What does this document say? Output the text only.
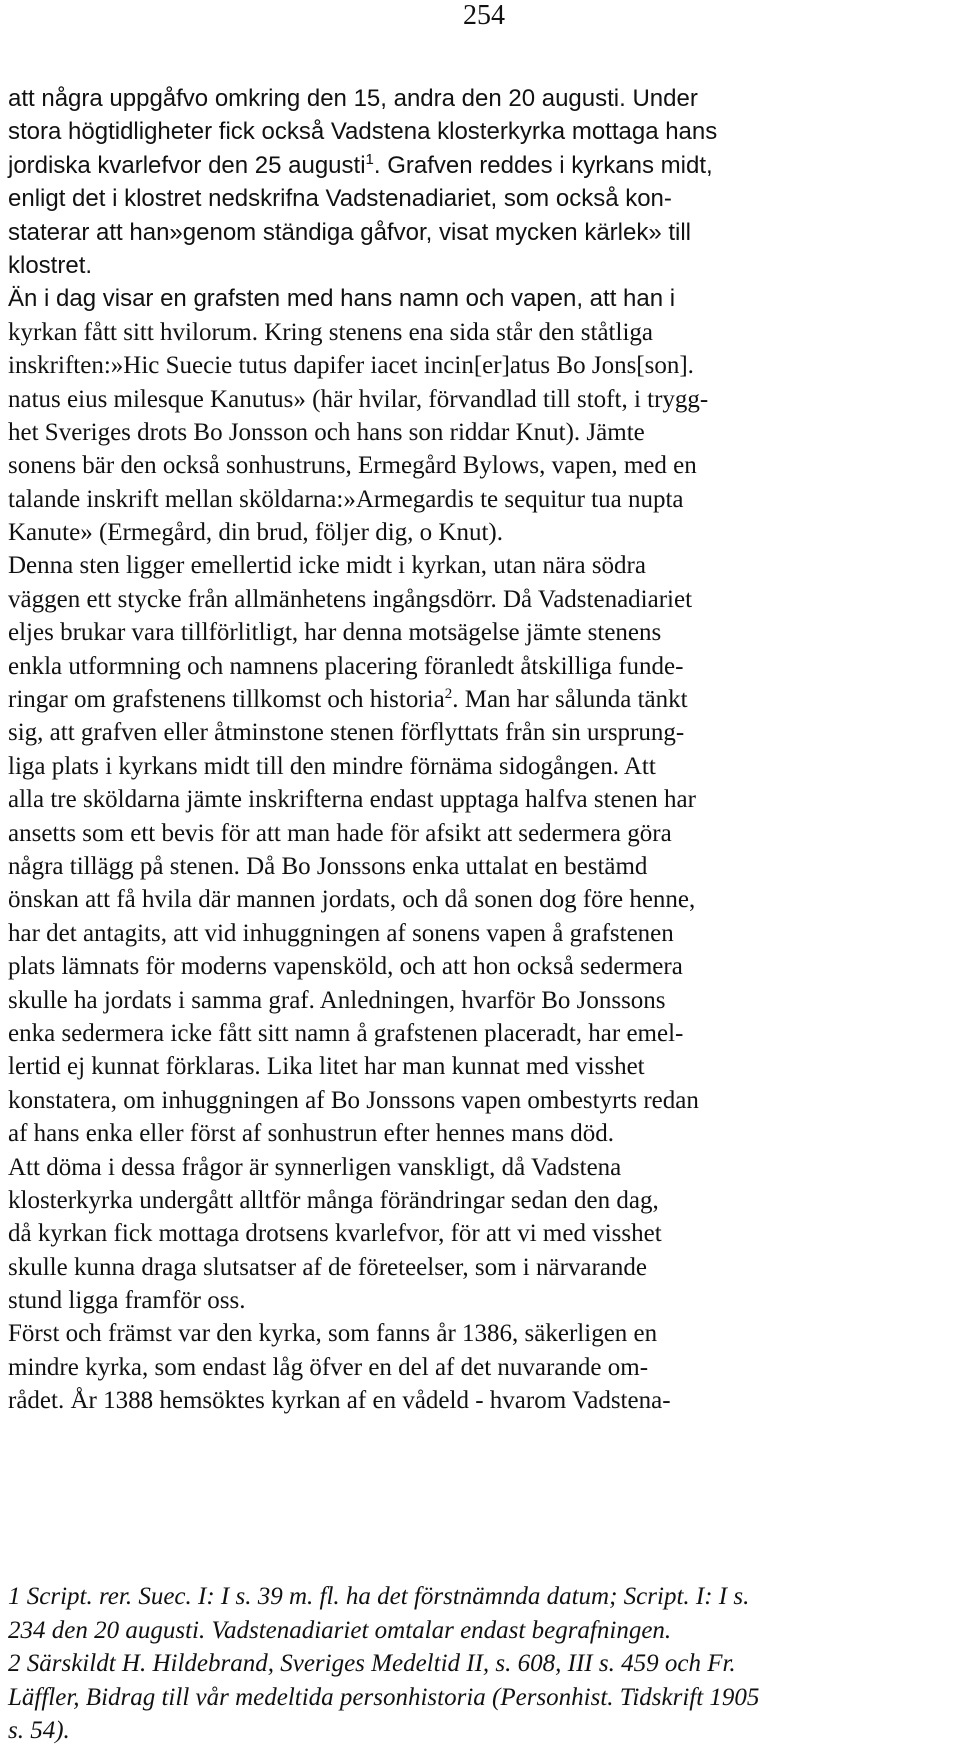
254
att några uppgåfvo omkring den 15, andra den 20 augusti. Under
stora högtidligheter fick också Vadstena klosterkyrka mottaga hans
jordiska kvarlefvor den 25 augusti$^1$. Grafven reddes i kyrkans midt,
enligt det i klostret nedskrifna Vadstenadiariet, som också kon-
staterar att han»genom ständiga gåfvor, visat mycken kärlek» till
klostret.
Än i dag visar en grafsten med hans namn och vapen, att han i
kyrkan fått sitt hvilorum. Kring stenens ena sida står den ståtliga
inskriften:»Hic Suecie tutus dapifer iacet incin[er]atus Bo Jons[son].
natus eius milesque Kanutus» (här hvilar, förvandlad till stoft, i trygg-
het Sveriges drots Bo Jonsson och hans son riddar Knut). Jämte
sonens bär den också sonhustruns, Ermegård Bylows, vapen, med en
talande inskrift mellan sköldarna:»Armegardis te sequitur tua nupta
Kanute» (Ermegård, din brud, följer dig, o Knut).
Denna sten ligger emellertid icke midt i kyrkan, utan nära södra
väggen ett stycke från allmänhetens ingångsdörr. Då Vadstenadiariet
eljes brukar vara tillförlitligt, har denna motsägelse jämte stenens
enkla utformning och namnens placering föranledt åtskilliga funde-
ringar om grafstenens tillkomst och historia$^2$. Man har sålunda tänkt
sig, att grafven eller åtminstone stenen förflyttats från sin ursprung-
liga plats i kyrkans midt till den mindre förnäma sidogången. Att
alla tre sköldarna jämte inskrifterna endast upptaga halfva stenen har
ansetts som ett bevis för att man hade för afsikt att sedermera göra
några tillägg på stenen. Då Bo Jonssons enka uttalat en bestämd
önskan att få hvila där mannen jordats, och då sonen dog före henne,
har det antagits, att vid inhuggningen af sonens vapen å grafstenen
plats lämnats för moderns vapensköld, och att hon också sedermera
skulle ha jordats i samma graf. Anledningen, hvarför Bo Jonssons
enka sedermera icke fått sitt namn å grafstenen placeradt, har emel-
lertid ej kunnat förklaras. Lika litet har man kunnat med visshet
konstatera, om inhuggningen af Bo Jonssons vapen ombestyrts redan
af hans enka eller först af sonhustrun efter hennes mans död.
Att döma i dessa frågor är synnerligen vanskligt, då Vadstena
klosterkyrka undergått alltför många förändringar sedan den dag,
då kyrkan fick mottaga drotsens kvarlefvor, för att vi med visshet
skulle kunna draga slutsatser af de företeelser, som i närvarande
stund ligga framför oss.
Först och främst var den kyrka, som fanns år 1386, säkerligen en
mindre kyrka, som endast låg öfver en del af det nuvarande om-
rådet. År 1388 hemsöktes kyrkan af en vådeld - hvarom Vadstena-
1 Script. rer. Suec. I: I s. 39 m. fl. ha det förstnämnda datum; Script. I: I s.
234 den 20 augusti. Vadstenadiariet omtalar endast begrafningen.
2 Särskildt H. Hildebrand, Sveriges Medeltid II, s. 608, III s. 459 och Fr.
Läffler, Bidrag till vår medeltida personhistoria (Personhist. Tidskrift 1905
s. 54).
